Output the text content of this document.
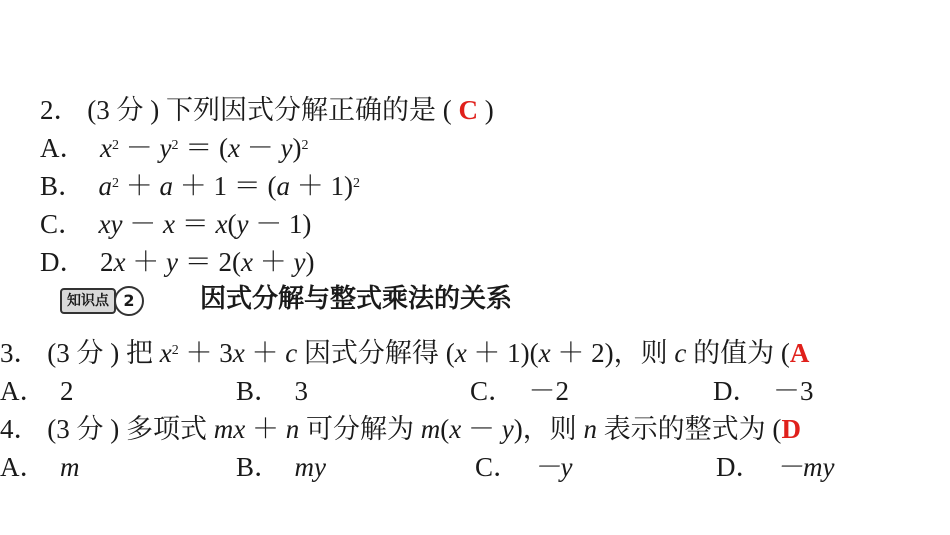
2． (3 分 ) 下列因式分解正确的是 ( C )
A． $x^2 - y^2 = (x - y)^2$
B． $a^2 + a + 1 = (a + 1)^2$
C． xy － x ＝ x(y － 1)
D．  2x ＋ y ＝ 2(x ＋ y)
知识点 2	因式分解与整式乘法的关系
3． (3 分 ) 把 $x^2 + 3x + c$ 因式分解得 (x ＋ 1)(x ＋ 2)，则 c 的值为 (A
A． 2	B． 3	C． －2	D． －3
4． (3 分 ) 多项式 mx ＋ n 可分解为 m(x － y)，则 n 表示的整式为 (D
A． m	B． my	C． －y	D． －my
